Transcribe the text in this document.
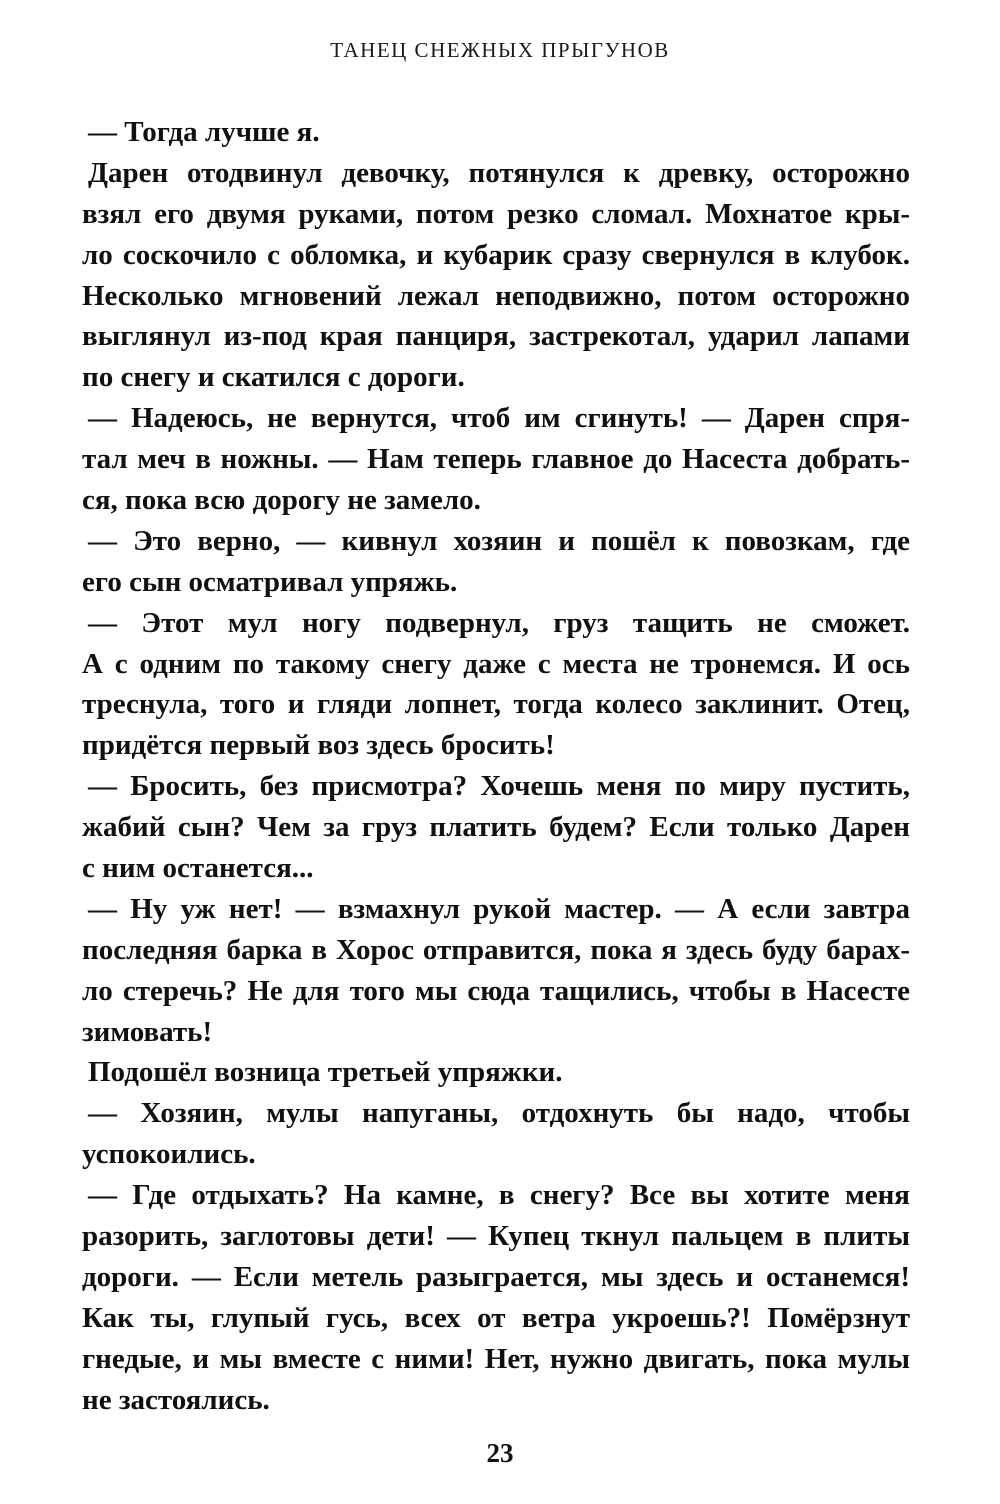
ТАНЕЦ СНЕЖНЫХ ПРЫГУНОВ
— Тогда лучше я.
Дарен отодвинул девочку, потянулся к древку, осторожно
взял его двумя руками, потом резко сломал. Мохнатое кры-
ло соскочило с обломка, и кубарик сразу свернулся в клубок.
Несколько мгновений лежал неподвижно, потом осторожно
выглянул из-под края панциря, застрекотал, ударил лапами
по снегу и скатился с дороги.
— Надеюсь, не вернутся, чтоб им сгинуть! — Дарен спря-
тал меч в ножны. — Нам теперь главное до Насеста добрать-
ся, пока всю дорогу не замело.
— Это верно, — кивнул хозяин и пошёл к повозкам, где
его сын осматривал упряжь.
— Этот мул ногу подвернул, груз тащить не сможет.
А с одним по такому снегу даже с места не тронемся. И ось
треснула, того и гляди лопнет, тогда колесо заклинит. Отец,
придётся первый воз здесь бросить!
— Бросить, без присмотра? Хочешь меня по миру пустить,
жабий сын? Чем за груз платить будем? Если только Дарен
с ним останется...
— Ну уж нет! — взмахнул рукой мастер. — А если завтра
последняя барка в Хорос отправится, пока я здесь буду барах-
ло стеречь? Не для того мы сюда тащились, чтобы в Насесте
зимовать!
Подошёл возница третьей упряжки.
— Хозяин, мулы напуганы, отдохнуть бы надо, чтобы
успокоились.
— Где отдыхать? На камне, в снегу? Все вы хотите меня
разорить, заглотовы дети! — Купец ткнул пальцем в плиты
дороги. — Если метель разыграется, мы здесь и останемся!
Как ты, глупый гусь, всех от ветра укроешь?! Помёрзнут
гнедые, и мы вместе с ними! Нет, нужно двигать, пока мулы
не застоялись.
23
